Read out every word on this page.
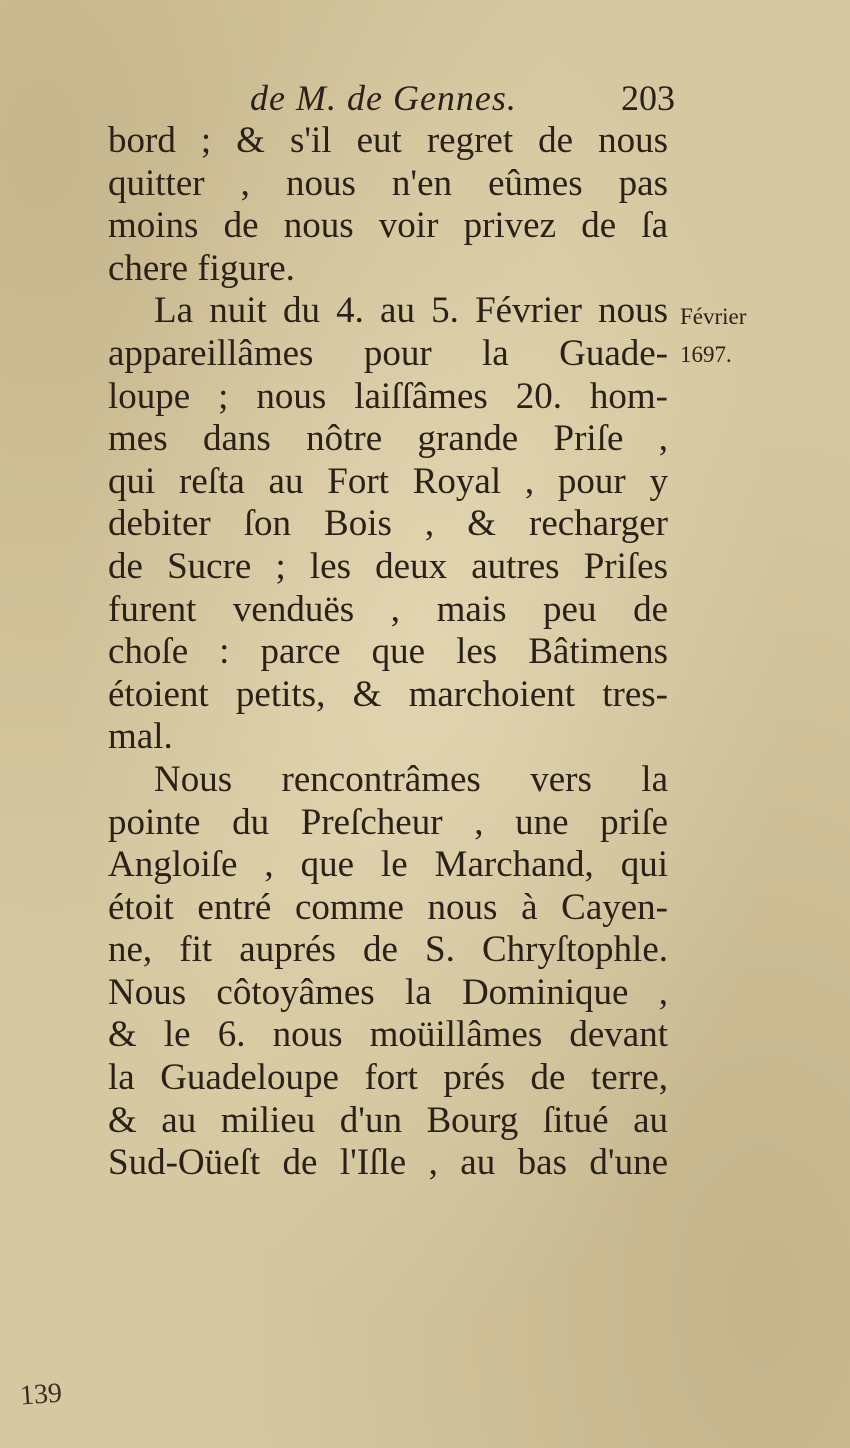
de M. de Gennes.	203
bord ; & s'il eut regret de nous
quitter , nous n'en eûmes pas
moins de nous voir privez de ſa
chere figure.
La nuit du 4. au 5. Février nous
appareillâmes pour la Guade-
loupe ; nous laiſſâmes 20. hom-
mes dans nôtre grande Priſe ,
qui reſta au Fort Royal , pour y
debiter ſon Bois , & recharger
de Sucre ; les deux autres Priſes
furent venduës , mais peu de
choſe : parce que les Bâtimens
étoient petits, & marchoient tres-
mal.
Nous rencontrâmes vers la
pointe du Preſcheur , une priſe
Angloiſe , que le Marchand, qui
étoit entré comme nous à Cayen-
ne, fit auprés de S. Chryſtophle.
Nous côtoyâmes la Dominique ,
& le 6. nous moüillâmes devant
la Guadeloupe fort prés de terre,
& au milieu d'un Bourg ſitué au
Sud-Oüeſt de l'Iſle , au bas d'une
Février
1697.
139
